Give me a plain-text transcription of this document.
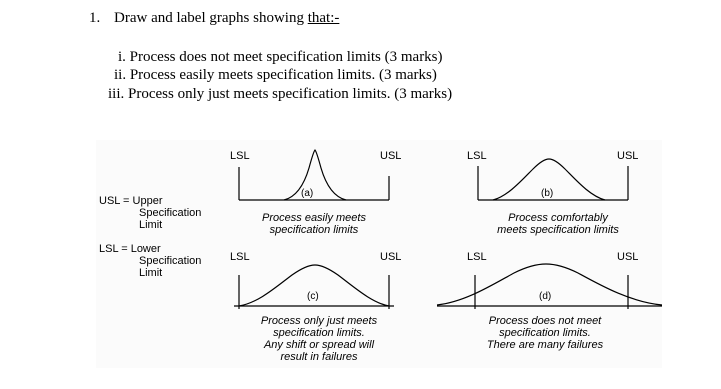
1. Draw and label graphs showing that:-
i. Process does not meet specification limits (3 marks)
ii. Process easily meets specification limits. (3 marks)
iii. Process only just meets specification limits. (3 marks)
USL = Upper
Specification
Limit
LSL = Lower
Specification
Limit
LSL	USL
(a)
Process easily meets
specification limits
LSL	USL
(b)
Process comfortably
meets specification limits
LSL	USL
(c)
Process only just meets
specification limits.
Any shift or spread will
result in failures
LSL	USL
(d)
Process does not meet
specification limits.
There are many failures
